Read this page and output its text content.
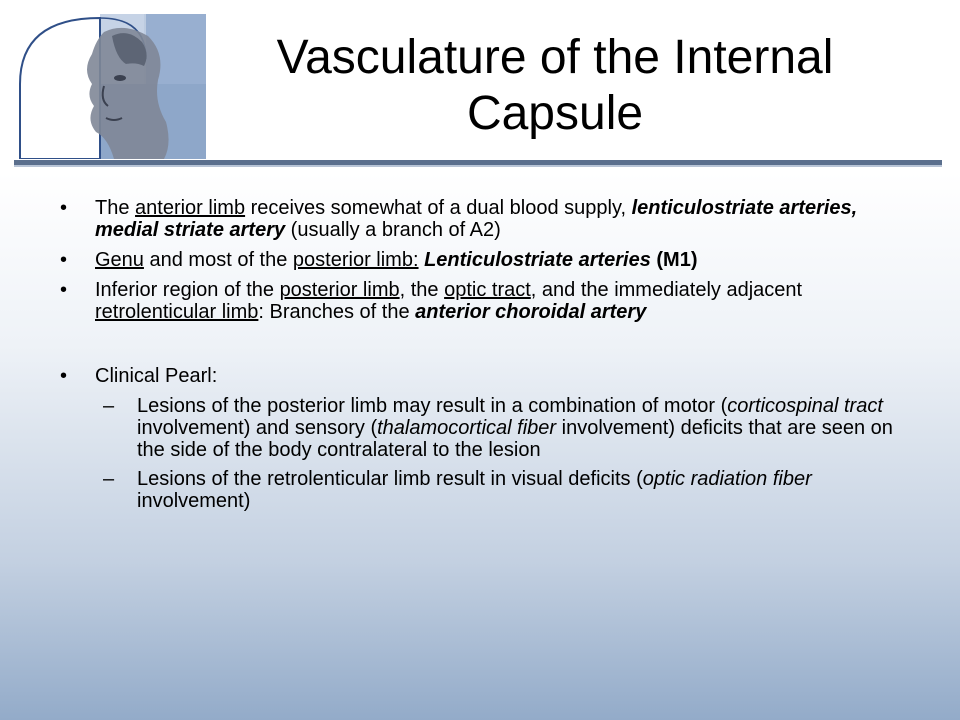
Vasculature of the Internal Capsule
• The anterior limb receives somewhat of a dual blood supply, lenticulostriate arteries, medial striate artery (usually a branch of A2)
• Genu and most of the posterior limb: Lenticulostriate arteries (M1)
• Inferior region of the posterior limb, the optic tract, and the immediately adjacent retrolenticular limb: Branches of the anterior choroidal artery
• Clinical Pearl:
– Lesions of the posterior limb may result in a combination of motor (corticospinal tract involvement) and sensory (thalamocortical fiber involvement) deficits that are seen on the side of the body contralateral to the lesion
– Lesions of the retrolenticular limb result in visual deficits (optic radiation fiber involvement)
